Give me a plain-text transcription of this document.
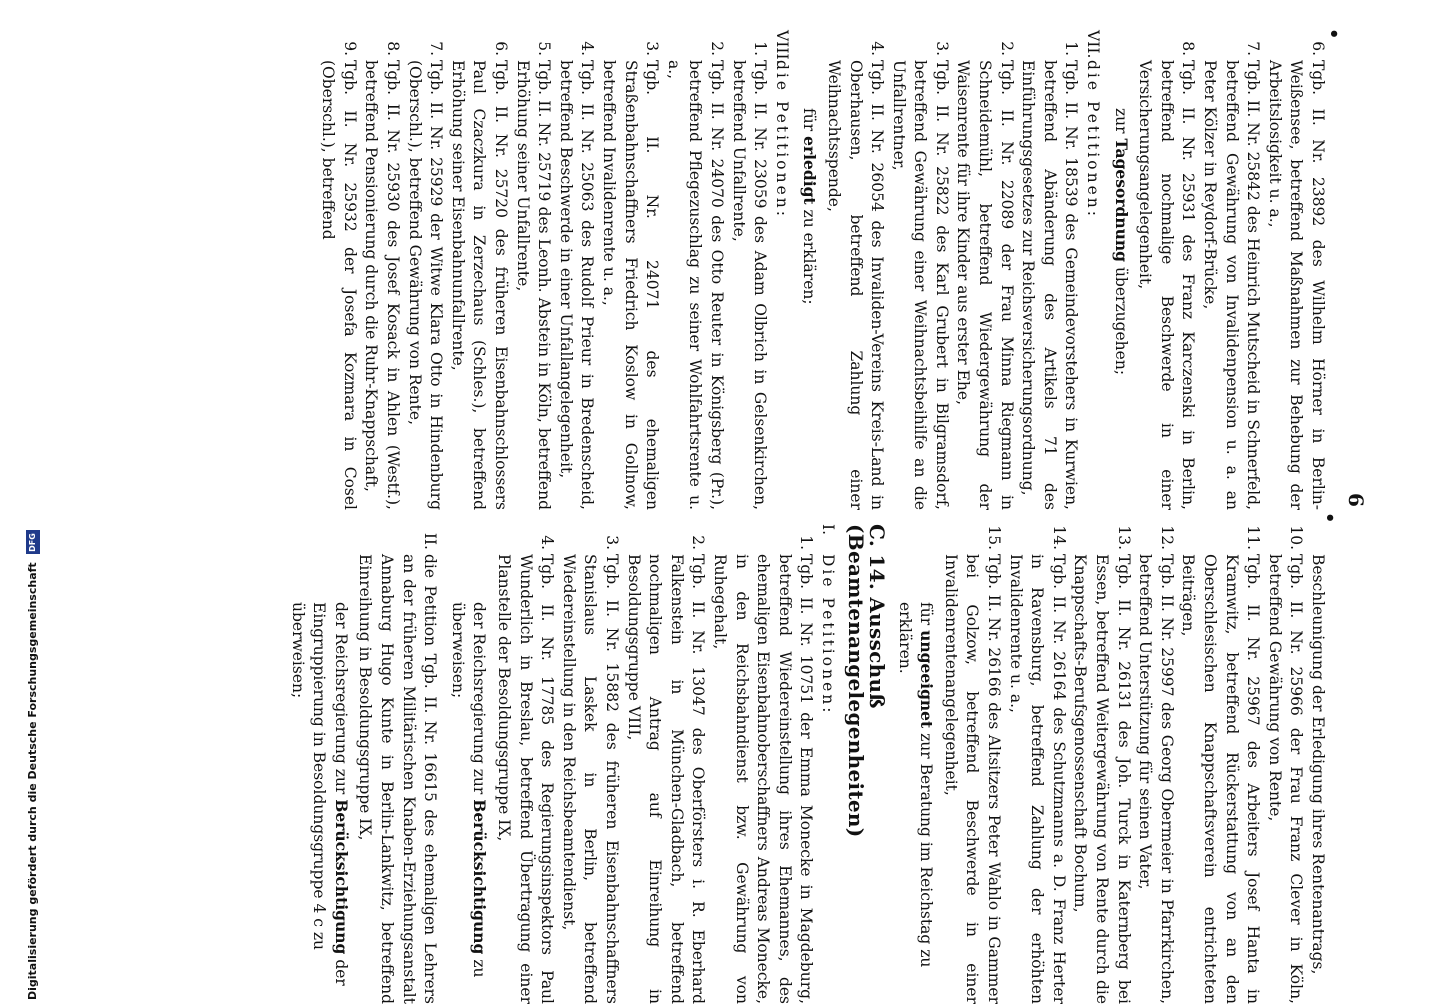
6
•
•
6.
Tgb. II. Nr. 23892 des Wilhelm Hörner in Berlin-Weißensee, betreffend Maßnahmen zur Behebung der Arbeitslosigkeit u. a.,
7.
Tgb. II. Nr. 25842 des Heinrich Mutscheid in Schnerfeld, betreffend Gewährung von Invalidenpension u. a. an Peter Kölzer in Reydorf-Brücke,
8.
Tgb. II. Nr. 25931 des Franz Karczenski in Berlin, betreffend nochmalige Beschwerde in einer Versicherungsangelegenheit,
zur Tagesordnung überzugehen;
VII.
die Petitionen:
1.
Tgb. II. Nr. 18539 des Gemeindevorstehers in Kurwien, betreffend Abänderung des Artikels 71 des Einführungsgesetzes zur Reichsversicherungsordnung,
2.
Tgb. II. Nr. 22089 der Frau Minna Riegmann in Schneidemühl, betreffend Wiedergewährung der Waisenrente für ihre Kinder aus erster Ehe,
3.
Tgb. II. Nr. 25822 des Karl Grubert in Bilgramsdorf, betreffend Gewährung einer Weihnachtsbeihilfe an die Unfallrentner,
4.
Tgb. II. Nr. 26054 des Invaliden-Vereins Kreis-Land in Oberhausen, betreffend Zahlung einer Weihnachtsspende,
für erledigt zu erklären;
VIII.
die Petitionen:
1.
Tgb. II. Nr. 23059 des Adam Olbrich in Gelsenkirchen, betreffend Unfallrente,
2.
Tgb. II. Nr. 24070 des Otto Reuter in Königsberg (Pr.), betreffend Pflegezuschlag zu seiner Wohlfahrtsrente u. a.,
3.
Tgb. II. Nr. 24071 des ehemaligen Straßenbahnschaffners Friedrich Koslow in Gollnow, betreffend Invalidenrente u. a.,
4.
Tgb. II. Nr. 25063 des Rudolf Prieur in Bredenscheid, betreffend Beschwerde in einer Unfallangelegenheit,
5.
Tgb. II. Nr. 25719 des Leonh. Abstein in Köln, betreffend Erhöhung seiner Unfallrente,
6.
Tgb. II. Nr. 25720 des früheren Eisenbahnschlossers Paul Czaczkura in Zerzechaus (Schles.), betreffend Erhöhung seiner Eisenbahnunfallrente,
7.
Tgb. II. Nr. 25929 der Witwe Klara Otto in Hindenburg (Oberschl.), betreffend Gewährung von Rente,
8.
Tgb. II. Nr. 25930 des Josef Kosack in Ahlen (Westf.), betreffend Pensionierung durch die Ruhr-Knappschaft,
9.
Tgb. II. Nr. 25932 der Josefa Kozmara in Cosel (Oberschl.), betreffend
Beschleunigung der Erledigung ihres Rentenantrags,
10.
Tgb. II. Nr. 25966 der Frau Franz Clever in Köln, betreffend Gewährung von Rente,
11.
Tgb. II. Nr. 25967 des Arbeiters Josef Hanta in Kramwitz, betreffend Rückerstattung von an den Oberschlesischen Knappschaftsverein entrichteten Beiträgen,
12.
Tgb. II. Nr. 25997 des Georg Obermeier in Pfarrkirchen, betreffend Unterstützung für seinen Vater,
13.
Tgb. II. Nr. 26131 des Joh. Turck in Katernberg bei Essen, betreffend Weitergewährung von Rente durch die Knappschafts-Berufsgenossenschaft Bochum,
14.
Tgb. II. Nr. 26164 des Schutzmanns a. D. Franz Herter in Ravensburg, betreffend Zahlung der erhöhten Invalidenrente u. a.,
15.
Tgb. II. Nr. 26166 des Altsitzers Peter Wahlo in Gammer bei Golzow, betreffend Beschwerde in einer Invalidenrentenangelegenheit,
für ungeeignet zur Beratung im Reichstag zu erklären.
C. 14. Ausschuß (Beamtenangelegenheiten)
I.
Die Petitionen:
1.
Tgb. II. Nr. 10751 der Emma Monecke in Magdeburg, betreffend Wiedereinstellung ihres Ehemannes, des ehemaligen Eisenbahnoberschaffners Andreas Monecke, in den Reichsbahndienst bzw. Gewährung von Ruhegehalt,
2.
Tgb. II. Nr. 13047 des Oberförsters i. R. Eberhard Falkenstein in München-Gladbach, betreffend nochmaligen Antrag auf Einreihung in Besoldungsgruppe VIII,
3.
Tgb. II. Nr. 15882 des früheren Eisenbahnschaffners Stanislaus Laskek in Berlin, betreffend Wiedereinstellung in den Reichsbeamtendienst,
4.
Tgb. II. Nr. 17785 des Regierungsinspektors Paul Wunderlich in Breslau, betreffend Übertragung einer Planstelle der Besoldungsgruppe IX,
der Reichsregierung zur Berücksichtigung zu überweisen;
II.
die Petition Tgb. II. Nr. 16615 des ehemaligen Lehrers an der früheren Militärischen Knaben-Erziehungsanstalt Annaburg Hugo Kunte in Berlin-Lankwitz, betreffend Einreihung in Besoldungsgruppe IX,
der Reichsregierung zur Berücksichtigung der Eingruppierung in Besoldungsgruppe 4 c zu überweisen;
Digitalisierung gefördert durch die Deutsche Forschungsgemeinschaft DFG
